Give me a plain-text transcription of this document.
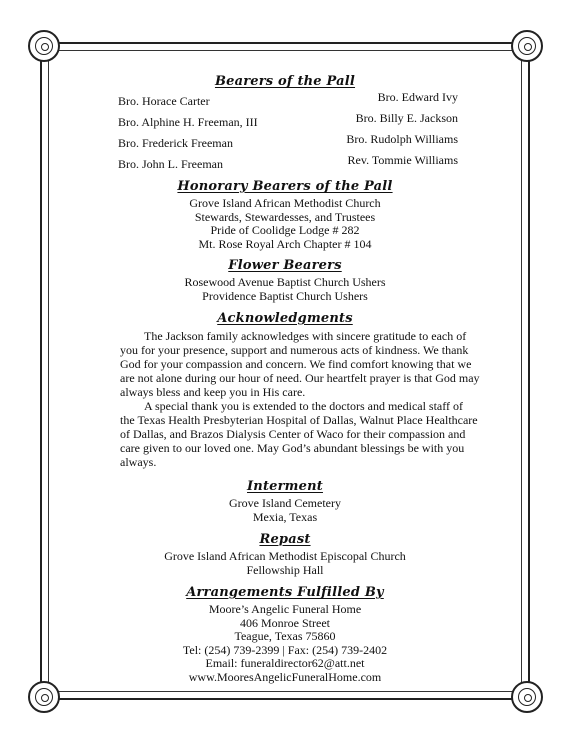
Bearers of the Pall
Bro. Horace Carter
Bro. Alphine H. Freeman, III
Bro. Frederick Freeman
Bro. John L. Freeman
Bro. Edward Ivy
Bro. Billy E. Jackson
Bro. Rudolph Williams
Rev. Tommie Williams
Honorary Bearers of the Pall

Grove Island African Methodist Church

Stewards, Stewardesses, and Trustees

Pride of Coolidge Lodge # 282

Mt. Rose Royal Arch Chapter # 104

Flower Bearers

Rosewood Avenue Baptist Church Ushers

Providence Baptist Church Ushers

Acknowledgments

The Jackson family acknowledges with sincere gratitude to each of you for your presence, support and numerous acts of kindness. We thank God for your compassion and concern. We find comfort knowing that we are not alone during our hour of need. Our heartfelt prayer is that God may always bless and keep you in His care.

A special thank you is extended to the doctors and medical staff of the Texas Health Presbyterian Hospital of Dallas, Walnut Place Healthcare of Dallas, and Brazos Dialysis Center of Waco for their compassion and care given to our loved one. May God’s abundant blessings be with you always.

Interment

Grove Island Cemetery

Mexia, Texas

Repast

Grove Island African Methodist Episcopal Church

Fellowship Hall

Arrangements Fulfilled By

Moore’s Angelic Funeral Home

406 Monroe Street

Teague, Texas 75860

Tel: (254) 739-2399 | Fax: (254) 739-2402

Email: funeraldirector62@att.net

www.MooresAngelicFuneralHome.com
